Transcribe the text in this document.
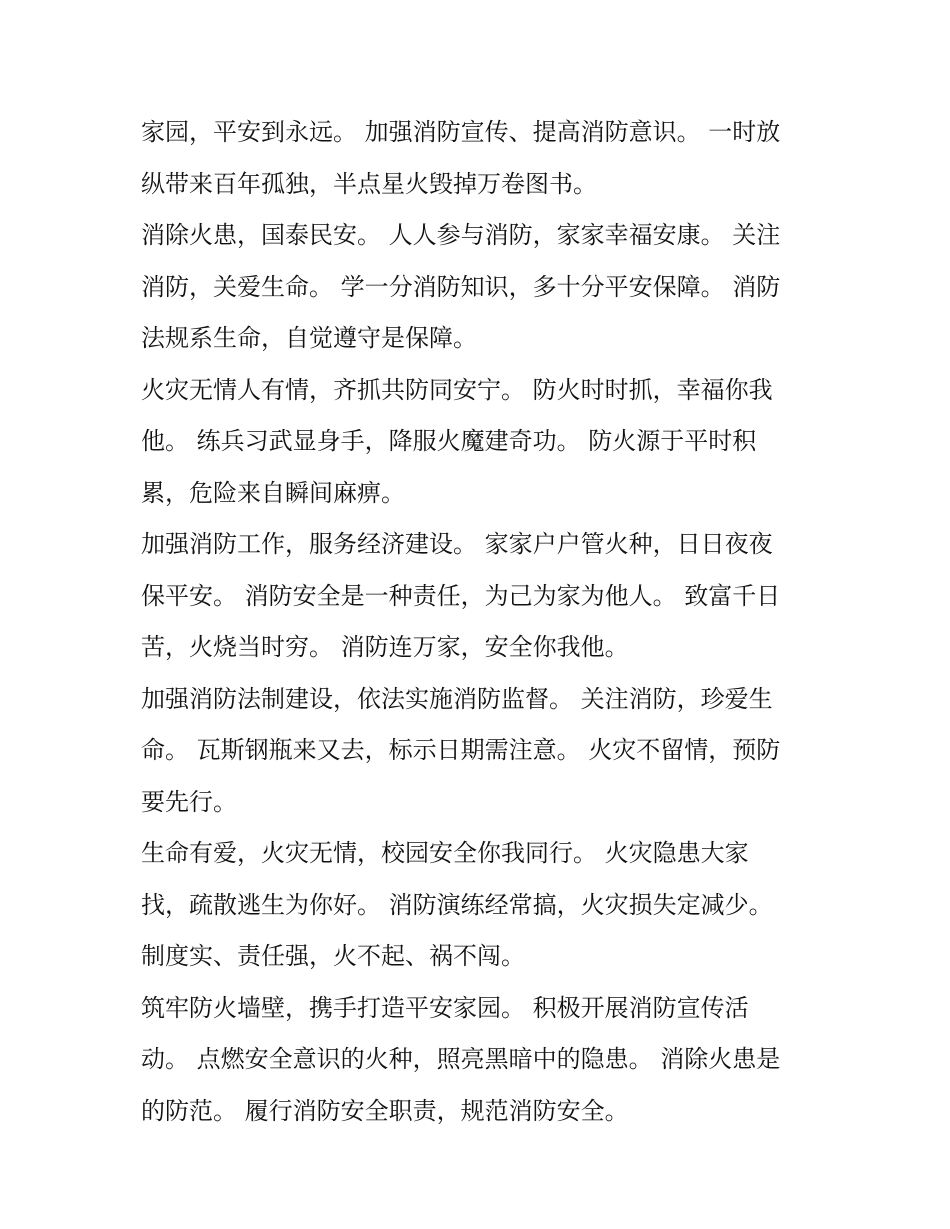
家园，平安到永远。 加强消防宣传、提高消防意识。 一时放
纵带来百年孤独，半点星火毁掉万卷图书。
消除火患，国泰民安。 人人参与消防，家家幸福安康。 关注
消防，关爱生命。 学一分消防知识，多十分平安保障。 消防
法规系生命，自觉遵守是保障。
火灾无情人有情，齐抓共防同安宁。 防火时时抓，幸福你我
他。 练兵习武显身手，降服火魔建奇功。 防火源于平时积
累，危险来自瞬间麻痹。
加强消防工作，服务经济建设。 家家户户管火种，日日夜夜
保平安。 消防安全是一种责任，为己为家为他人。 致富千日
苦，火烧当时穷。 消防连万家，安全你我他。
加强消防法制建设，依法实施消防监督。 关注消防，珍爱生
命。 瓦斯钢瓶来又去，标示日期需注意。 火灾不留情，预防
要先行。
生命有爱，火灾无情，校园安全你我同行。 火灾隐患大家
找，疏散逃生为你好。 消防演练经常搞，火灾损失定减少。
制度实、责任强，火不起、祸不闯。
筑牢防火墙壁，携手打造平安家园。 积极开展消防宣传活
动。 点燃安全意识的火种，照亮黑暗中的隐患。 消除火患是
的防范。 履行消防安全职责，规范消防安全。
